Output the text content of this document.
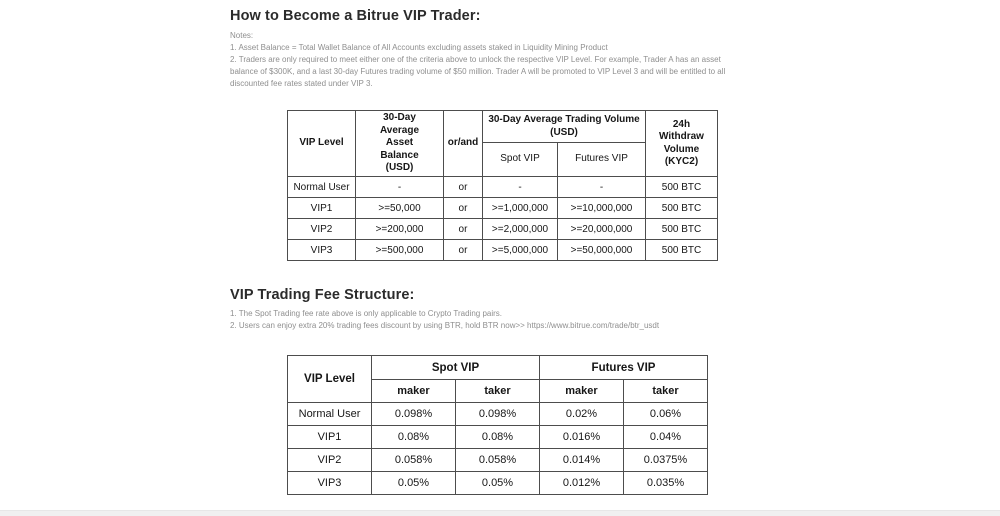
How to Become a Bitrue VIP Trader:
Notes:
1. Asset Balance = Total Wallet Balance of All Accounts excluding assets staked in Liquidity Mining Product
2. Traders are only required to meet either one of the criteria above to unlock the respective VIP Level. For example, Trader A has an asset balance of $300K, and a last 30-day Futures trading volume of $50 million. Trader A will be promoted to VIP Level 3 and will be entitled to all discounted fee rates stated under VIP 3.
VIP Level	30-Day Average Asset Balance (USD)	or/and	30-Day Average Trading Volume (USD)		24h Withdraw Volume (KYC2)
			Spot VIP	Futures VIP	
Normal User	-	or	-	-	500 BTC
VIP1	>=50,000	or	>=1,000,000	>=10,000,000	500 BTC
VIP2	>=200,000	or	>=2,000,000	>=20,000,000	500 BTC
VIP3	>=500,000	or	>=5,000,000	>=50,000,000	500 BTC
VIP Trading Fee Structure:
1. The Spot Trading fee rate above is only applicable to Crypto Trading pairs.
2. Users can enjoy extra 20% trading fees discount by using BTR, hold BTR now>> https://www.bitrue.com/trade/btr_usdt
VIP Level	Spot VIP		Futures VIP	
	maker	taker	maker	taker
Normal User	0.098%	0.098%	0.02%	0.06%
VIP1	0.08%	0.08%	0.016%	0.04%
VIP2	0.058%	0.058%	0.014%	0.0375%
VIP3	0.05%	0.05%	0.012%	0.035%
